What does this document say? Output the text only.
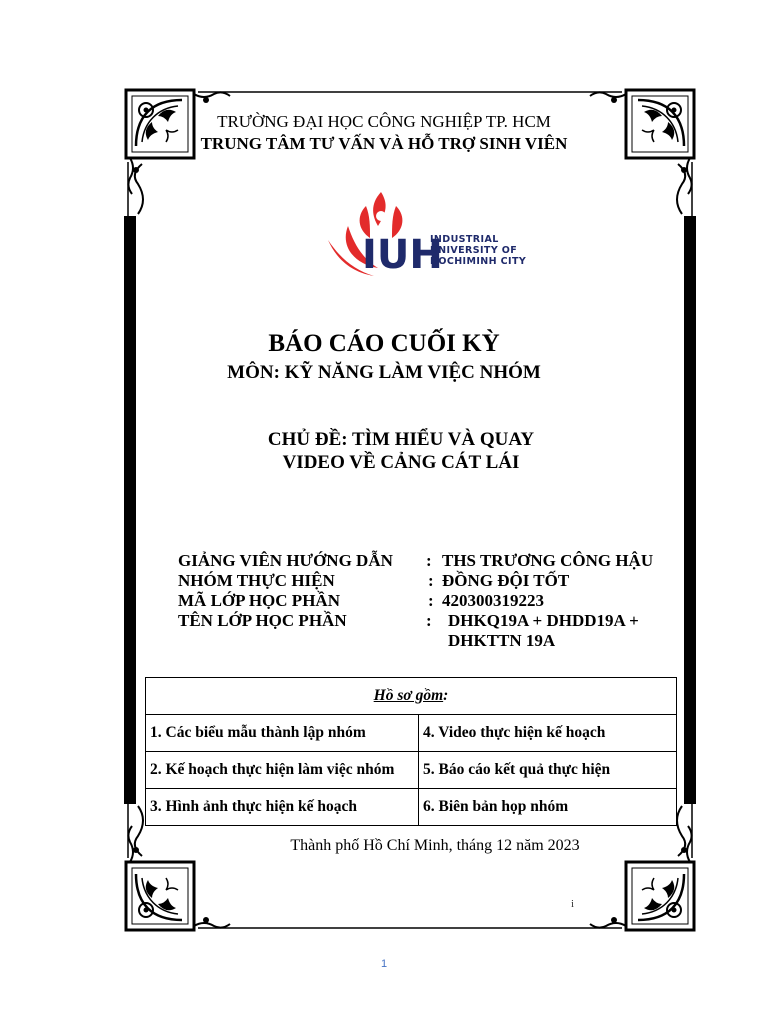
TRƯỜNG ĐẠI HỌC CÔNG NGHIỆP TP. HCM
TRUNG TÂM TƯ VẤN VÀ HỖ TRỢ SINH VIÊN
IUH
INDUSTRIAL
UNIVERSITY OF
HOCHIMINH CITY
BÁO CÁO CUỐI KỲ
MÔN: KỸ NĂNG LÀM VIỆC NHÓM
CHỦ ĐỀ: TÌM HIỂU VÀ QUAY
VIDEO VỀ CẢNG CÁT LÁI
GIẢNG VIÊN HƯỚNG DẪN : THS TRƯƠNG CÔNG HẬU
NHÓM THỰC HIỆN	: ĐỒNG ĐỘI TỐT
MÃ LỚP HỌC PHẦN	: 420300319223
TÊN LỚP HỌC PHẦN	: DHKQ19A + DHDD19A +
DHKTTN 19A
Hồ sơ gồm:	
1. Các biểu mẫu thành lập nhóm	4. Video thực hiện kế hoạch
2. Kế hoạch thực hiện làm việc nhóm	5. Báo cáo kết quả thực hiện
3. Hình ảnh thực hiện kế hoạch	6. Biên bản họp nhóm
Thành phố Hồ Chí Minh, tháng 12 năm 2023
i
1
